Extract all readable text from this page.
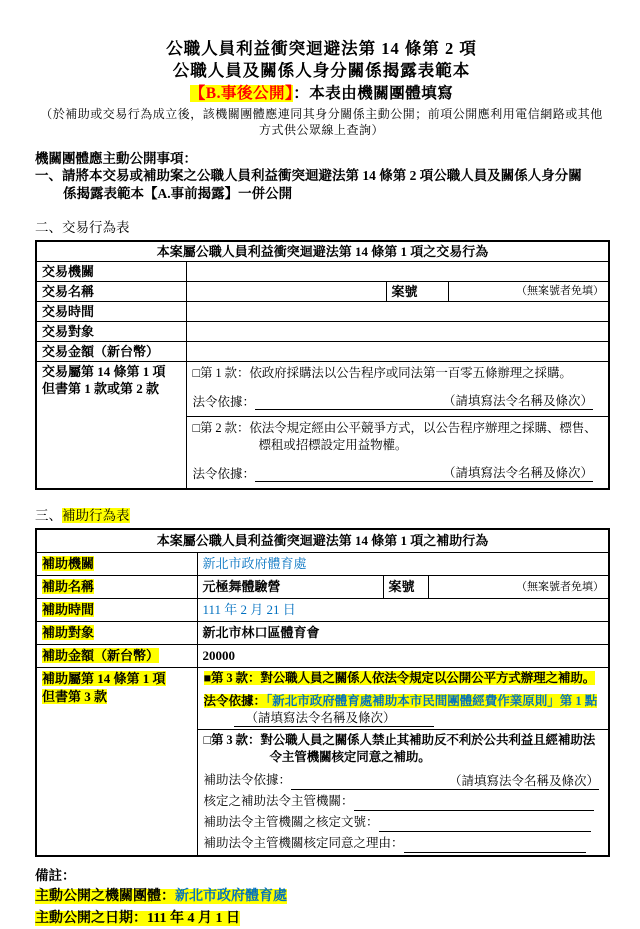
公職人員利益衝突迴避法第 14 條第 2 項
公職人員及關係人身分關係揭露表範本
【B.事後公開】：本表由機關團體填寫
（於補助或交易行為成立後，該機關團體應連同其身分關係主動公開；前項公開應利用電信網路或其他方式供公眾線上查詢）
機關團體應主動公開事項：
一、請將本交易或補助案之公職人員利益衝突迴避法第 14 條第 2 項公職人員及關係人身分關係揭露表範本【A.事前揭露】一併公開
二、交易行為表
本案屬公職人員利益衝突迴避法第 14 條第 1 項之交易行為			
交易機關			
交易名稱		案號	（無案號者免填）
交易時間			
交易對象			
交易金額（新台幣）			

交易屬第 14 條第 1 項
但書第 1 款或第 2 款

□第 1 款：依政府採購法以公告程序或同法第一百零五條辦理之採購。
法令依據：	（請填寫法令名稱及條次）

	□第 2 款：依法令規定經由公平競爭方式，以公告程序辦理之採購、標售、標租或招標設定用益物權。
法令依據： （請填寫法令名稱及條次）		
三、補助行為表
本案屬公職人員利益衝突迴避法第 14 條第 1 項之補助行為			
補助機關	新北市政府體育處		
補助名稱	元極舞體驗營	案號	（無案號者免填）
補助時間	111 年 2 月 21 日		
補助對象	新北市林口區體育會		
補助金額（新台幣）	20000		

補助屬第 14 條第 1 項
但書第 3 款

■第 3 款：對公職人員之關係人依法令規定以公開公平方式辦理之補助。
法令依據：「新北市政府體育處補助本市民間團體經費作業原則」第 1 點
（請填寫法令名稱及條次）

	□第 3 款：對公職人員之關係人禁止其補助反不利於公共利益且經補助法令主管機關核定同意之補助。
補助法令依據： （請填寫法令名稱及條次）
核定之補助法令主管機關：
補助法令主管機關之核定文號：
補助法令主管機關核定同意之理由：		
備註：
主動公開之機關團體：新北市政府體育處
主動公開之日期：111 年 4 月 1 日
